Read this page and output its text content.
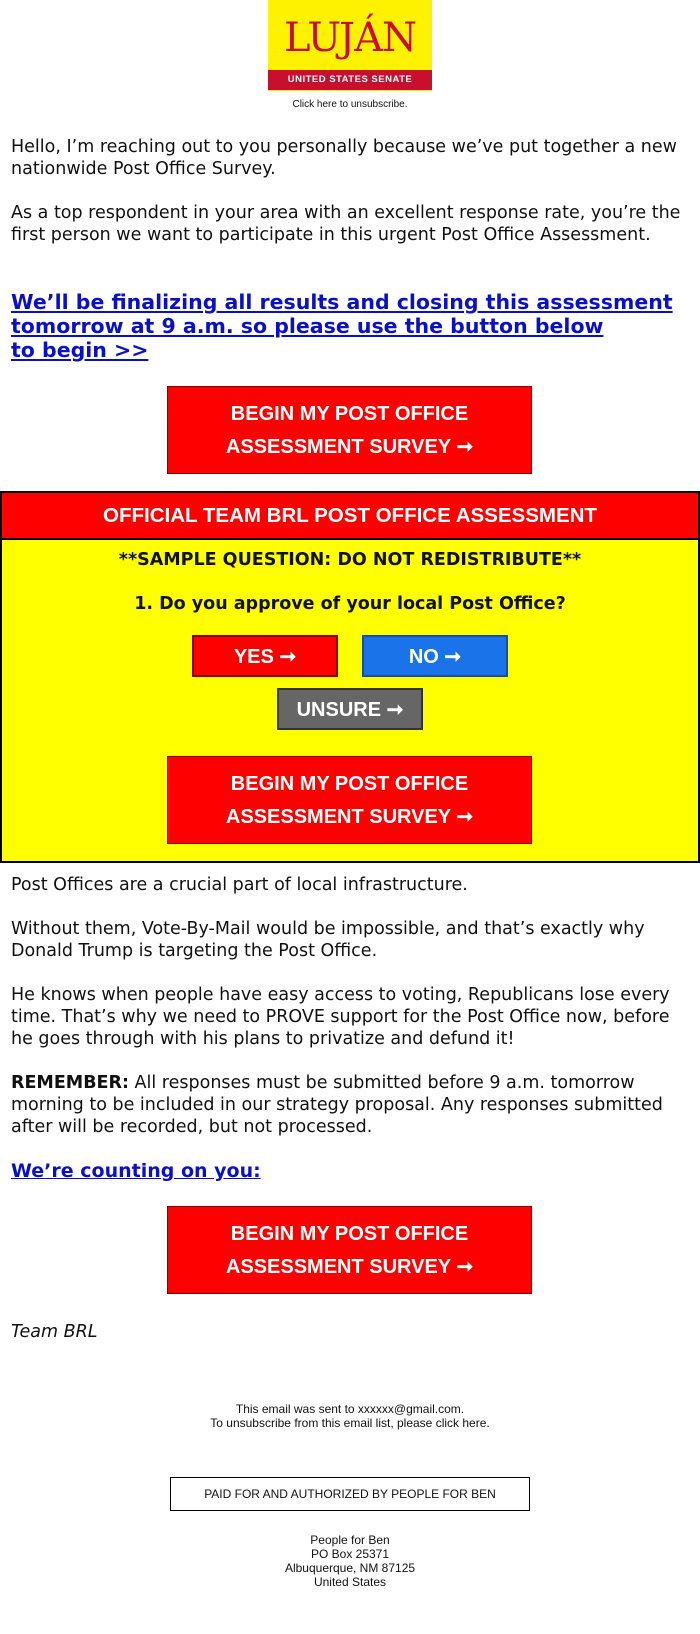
LUJÁN
UNITED STATES SENATE
Click here to unsubscribe.

Hello, I’m reaching out to you personally because we’ve put together a new nationwide Post Office Survey.

As a top respondent in your area with an excellent response rate, you’re the first person we want to participate in this urgent Post Office Assessment.

We’ll be finalizing all results and closing this assessment
tomorrow at 9 a.m. so please use the button below
to begin >>
BEGIN MY POST OFFICE
ASSESSMENT SURVEY ➞
OFFICIAL TEAM BRL POST OFFICE ASSESSMENT
**SAMPLE QUESTION: DO NOT REDISTRIBUTE**
1. Do you approve of your local Post Office?
YES ➞	NO ➞
UNSURE ➞
BEGIN MY POST OFFICE
ASSESSMENT SURVEY ➞

Post Offices are a crucial part of local infrastructure.

Without them, Vote-By-Mail would be impossible, and that’s exactly why Donald Trump is targeting the Post Office.

He knows when people have easy access to voting, Republicans lose every time. That’s why we need to PROVE support for the Post Office now, before he goes through with his plans to privatize and defund it!

REMEMBER: All responses must be submitted before 9 a.m. tomorrow morning to be included in our strategy proposal. Any responses submitted after will be recorded, but not processed.

We’re counting on you:
BEGIN MY POST OFFICE
ASSESSMENT SURVEY ➞

Team BRL

This email was sent to xxxxxx@gmail.com.
To unsubscribe from this email list, please click here.
PAID FOR AND AUTHORIZED BY PEOPLE FOR BEN
People for Ben
PO Box 25371
Albuquerque, NM 87125
United States
